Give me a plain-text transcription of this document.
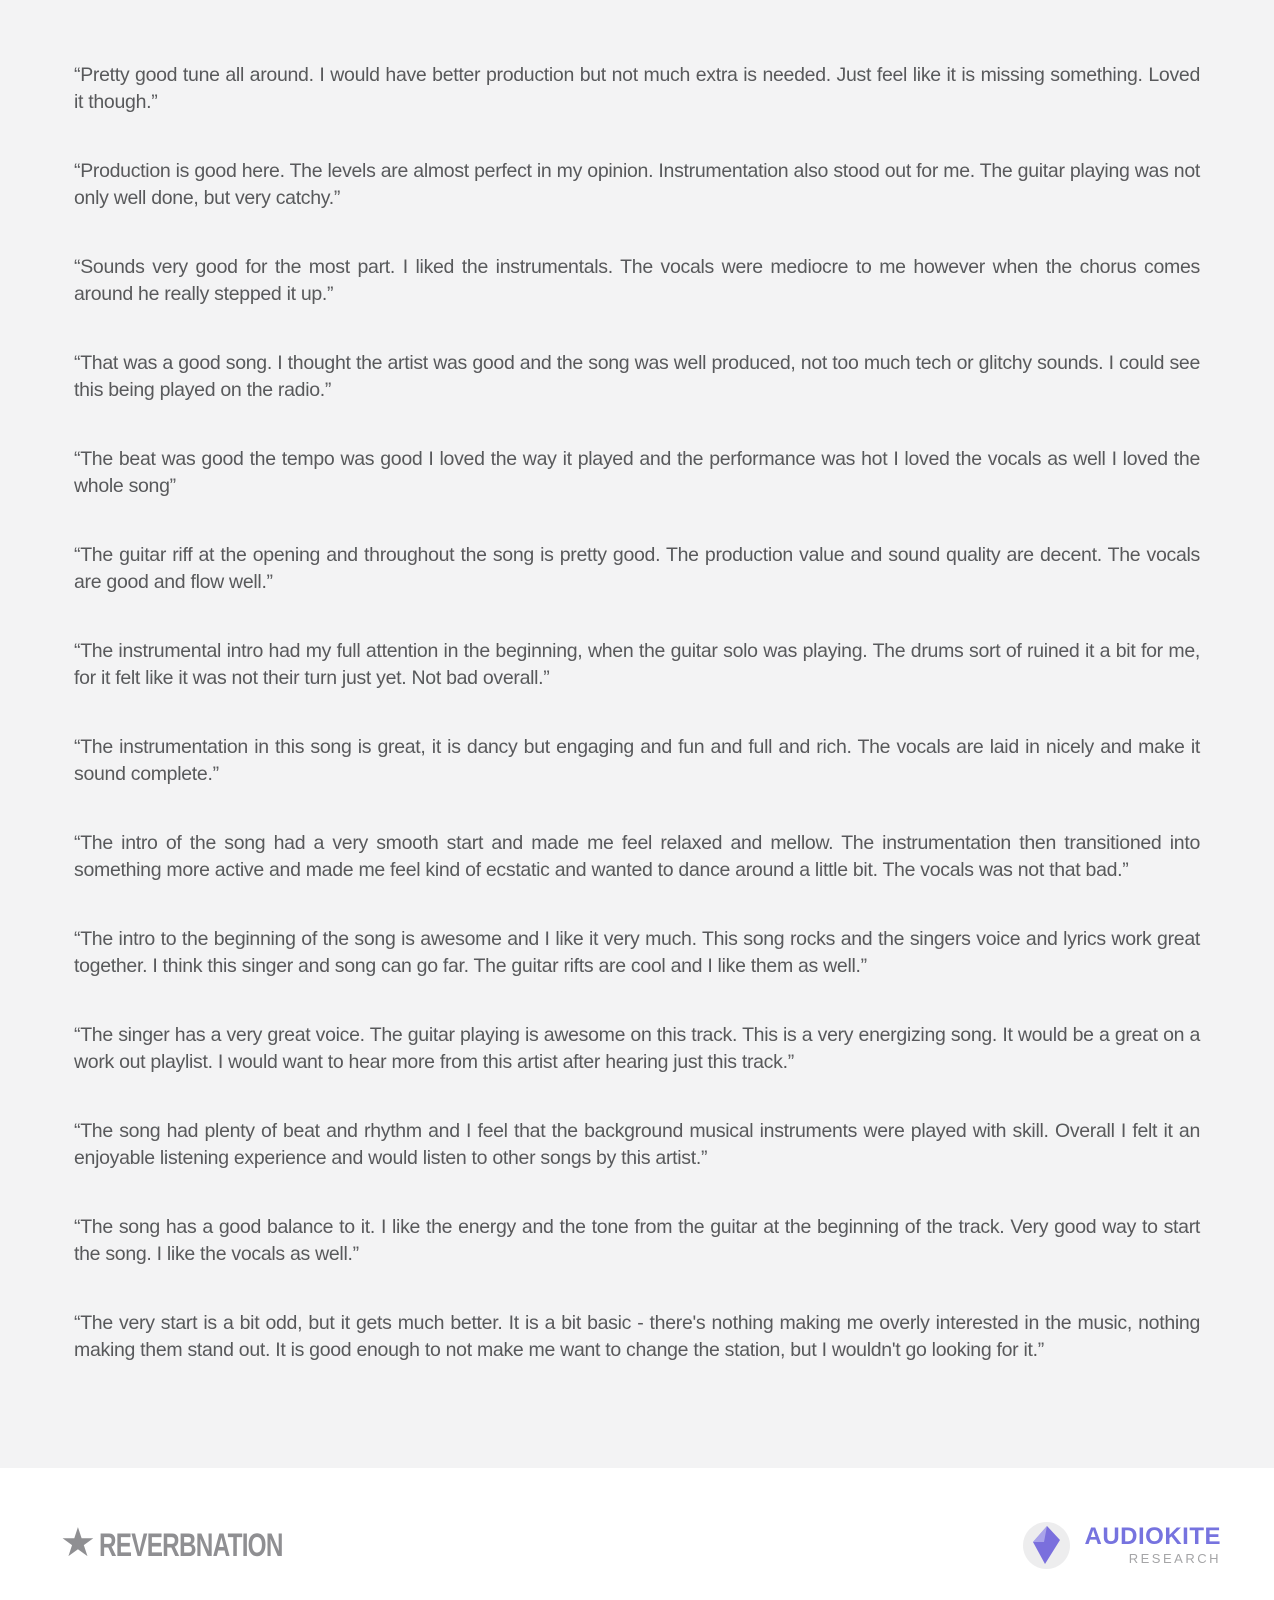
“Pretty good tune all around. I would have better production but not much extra is needed. Just feel like it is missing something. Loved it though.”

“Production is good here. The levels are almost perfect in my opinion. Instrumentation also stood out for me. The guitar playing was not only well done, but very catchy.”

“Sounds very good for the most part. I liked the instrumentals. The vocals were mediocre to me however when the chorus comes around he really stepped it up.”

“That was a good song. I thought the artist was good and the song was well produced, not too much tech or glitchy sounds. I could see this being played on the radio.”

“The beat was good the tempo was good I loved the way it played and the performance was hot I loved the vocals as well I loved the whole song”

“The guitar riff at the opening and throughout the song is pretty good. The production value and sound quality are decent. The vocals are good and flow well.”

“The instrumental intro had my full attention in the beginning, when the guitar solo was playing. The drums sort of ruined it a bit for me, for it felt like it was not their turn just yet. Not bad overall.”

“The instrumentation in this song is great, it is dancy but engaging and fun and full and rich. The vocals are laid in nicely and make it sound complete.”

“The intro of the song had a very smooth start and made me feel relaxed and mellow. The instrumentation then transitioned into something more active and made me feel kind of ecstatic and wanted to dance around a little bit. The vocals was not that bad.”

“The intro to the beginning of the song is awesome and I like it very much. This song rocks and the singers voice and lyrics work great together. I think this singer and song can go far. The guitar rifts are cool and I like them as well.”

“The singer has a very great voice. The guitar playing is awesome on this track. This is a very energizing song. It would be a great on a work out playlist. I would want to hear more from this artist after hearing just this track.”

“The song had plenty of beat and rhythm and I feel that the background musical instruments were played with skill. Overall I felt it an enjoyable listening experience and would listen to other songs by this artist.”

“The song has a good balance to it. I like the energy and the tone from the guitar at the beginning of the track. Very good way to start the song. I like the vocals as well.”

“The very start is a bit odd, but it gets much better. It is a bit basic - there's nothing making me overly interested in the music, nothing making them stand out. It is good enough to not make me want to change the station, but I wouldn't go looking for it.”

★ REVERBNATION	AUDIOKITE
RESEARCH
